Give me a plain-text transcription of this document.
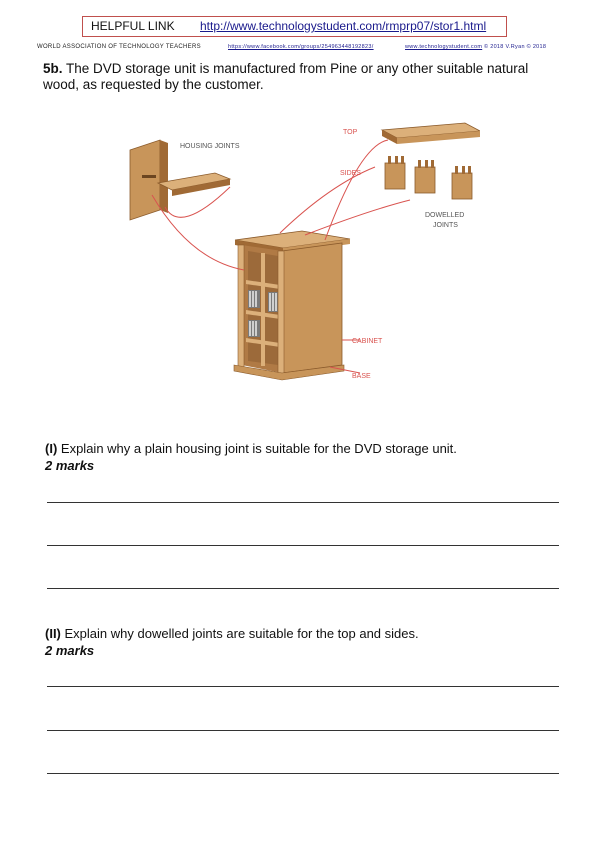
HELPFUL LINK http://www.technologystudent.com/rmprp07/stor1.html
WORLD ASSOCIATION OF TECHNOLOGY TEACHERS	https://www.facebook.com/groups/254963448192823/	www.technologystudent.com © 2018 V.Ryan © 2018
5b. The DVD storage unit is manufactured from Pine or any other suitable natural wood, as requested by the customer.
HOUSING JOINTS
TOP
SIDES
DOWELLED
JOINTS
CABINET
BASE
(I) Explain why a plain housing joint is suitable for the DVD storage unit.
2 marks
(II) Explain why dowelled joints are suitable for the top and sides.
2 marks
